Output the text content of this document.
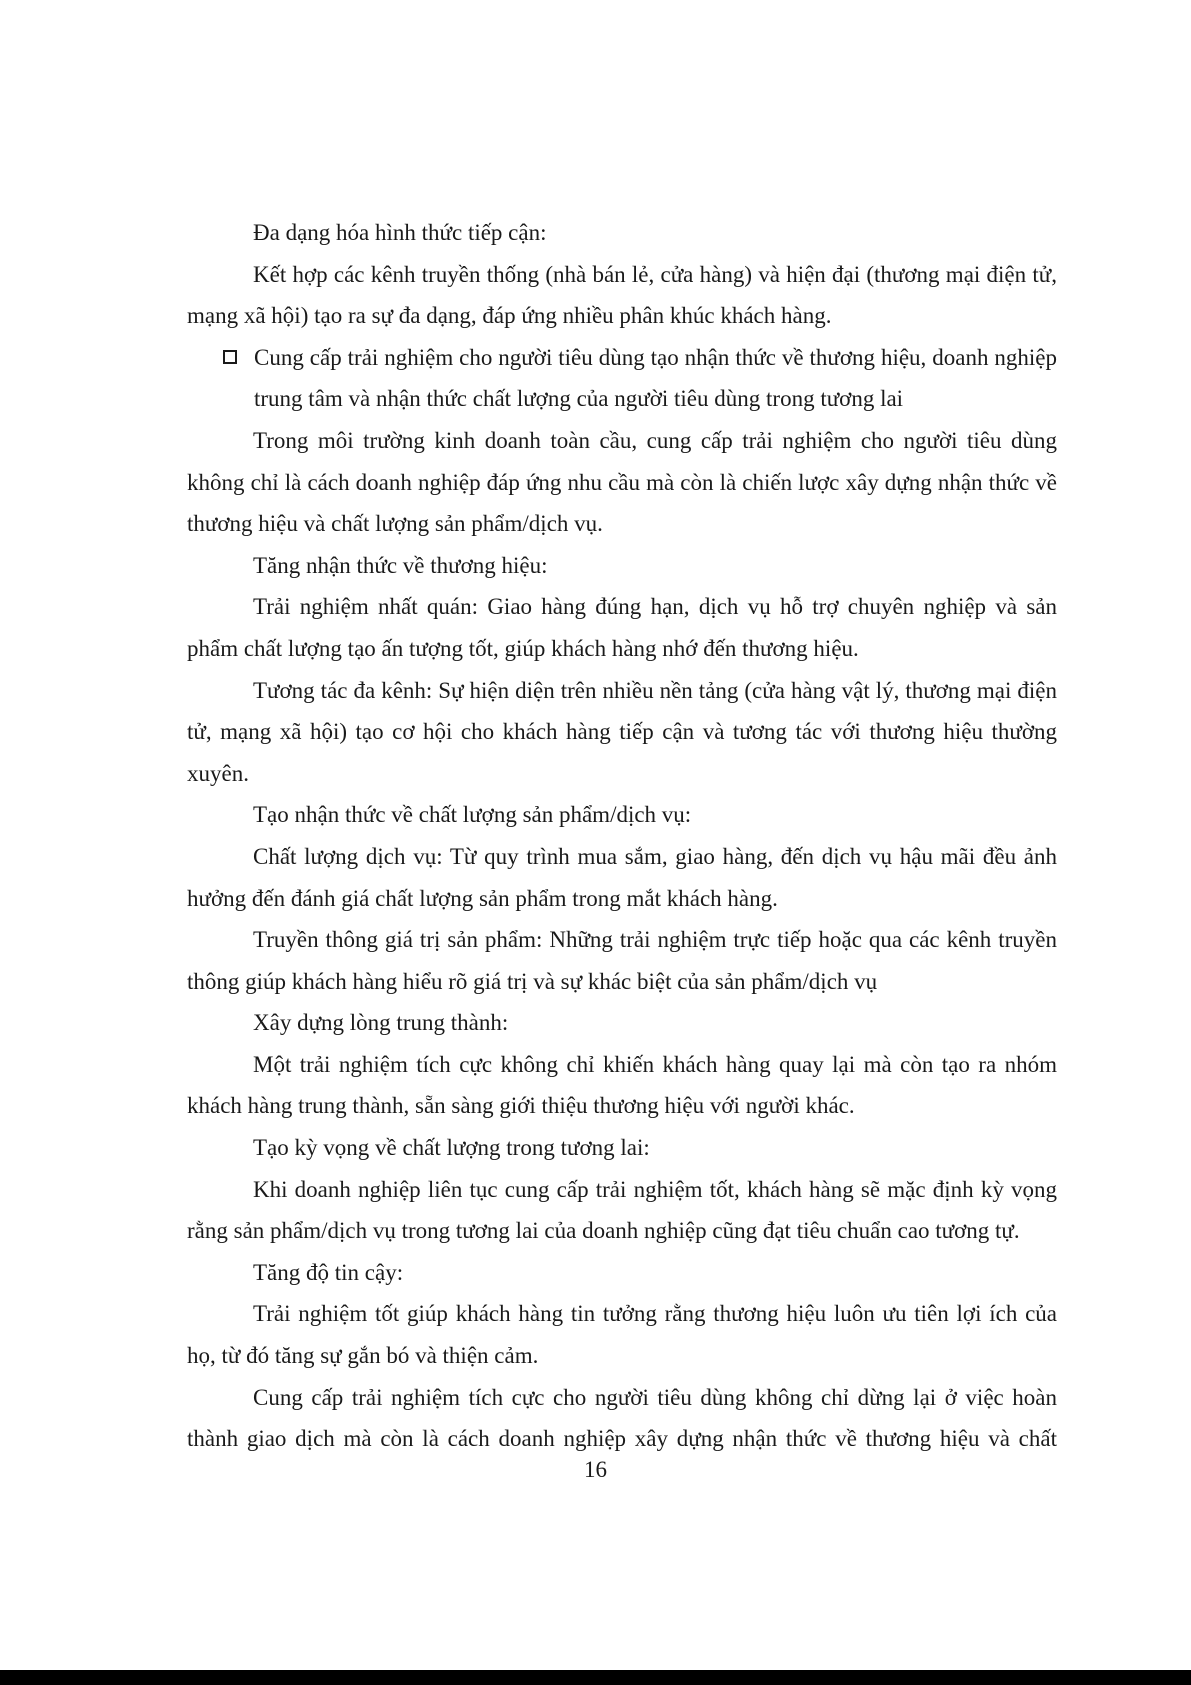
Đa dạng hóa hình thức tiếp cận:

Kết hợp các kênh truyền thống (nhà bán lẻ, cửa hàng) và hiện đại (thương mại điện tử, mạng xã hội) tạo ra sự đa dạng, đáp ứng nhiều phân khúc khách hàng.

Cung cấp trải nghiệm cho người tiêu dùng tạo nhận thức về thương hiệu, doanh nghiệp trung tâm và nhận thức chất lượng của người tiêu dùng trong tương lai

Trong môi trường kinh doanh toàn cầu, cung cấp trải nghiệm cho người tiêu dùng không chỉ là cách doanh nghiệp đáp ứng nhu cầu mà còn là chiến lược xây dựng nhận thức về thương hiệu và chất lượng sản phẩm/dịch vụ.

Tăng nhận thức về thương hiệu:

Trải nghiệm nhất quán: Giao hàng đúng hạn, dịch vụ hỗ trợ chuyên nghiệp và sản phẩm chất lượng tạo ấn tượng tốt, giúp khách hàng nhớ đến thương hiệu.

Tương tác đa kênh: Sự hiện diện trên nhiều nền tảng (cửa hàng vật lý, thương mại điện tử, mạng xã hội) tạo cơ hội cho khách hàng tiếp cận và tương tác với thương hiệu thường xuyên.

Tạo nhận thức về chất lượng sản phẩm/dịch vụ:

Chất lượng dịch vụ: Từ quy trình mua sắm, giao hàng, đến dịch vụ hậu mãi đều ảnh hưởng đến đánh giá chất lượng sản phẩm trong mắt khách hàng.

Truyền thông giá trị sản phẩm: Những trải nghiệm trực tiếp hoặc qua các kênh truyền thông giúp khách hàng hiểu rõ giá trị và sự khác biệt của sản phẩm/dịch vụ

Xây dựng lòng trung thành:

Một trải nghiệm tích cực không chỉ khiến khách hàng quay lại mà còn tạo ra nhóm khách hàng trung thành, sẵn sàng giới thiệu thương hiệu với người khác.

Tạo kỳ vọng về chất lượng trong tương lai:

Khi doanh nghiệp liên tục cung cấp trải nghiệm tốt, khách hàng sẽ mặc định kỳ vọng rằng sản phẩm/dịch vụ trong tương lai của doanh nghiệp cũng đạt tiêu chuẩn cao tương tự.

Tăng độ tin cậy:

Trải nghiệm tốt giúp khách hàng tin tưởng rằng thương hiệu luôn ưu tiên lợi ích của họ, từ đó tăng sự gắn bó và thiện cảm.

Cung cấp trải nghiệm tích cực cho người tiêu dùng không chỉ dừng lại ở việc hoàn thành giao dịch mà còn là cách doanh nghiệp xây dựng nhận thức về thương hiệu và chất

16
